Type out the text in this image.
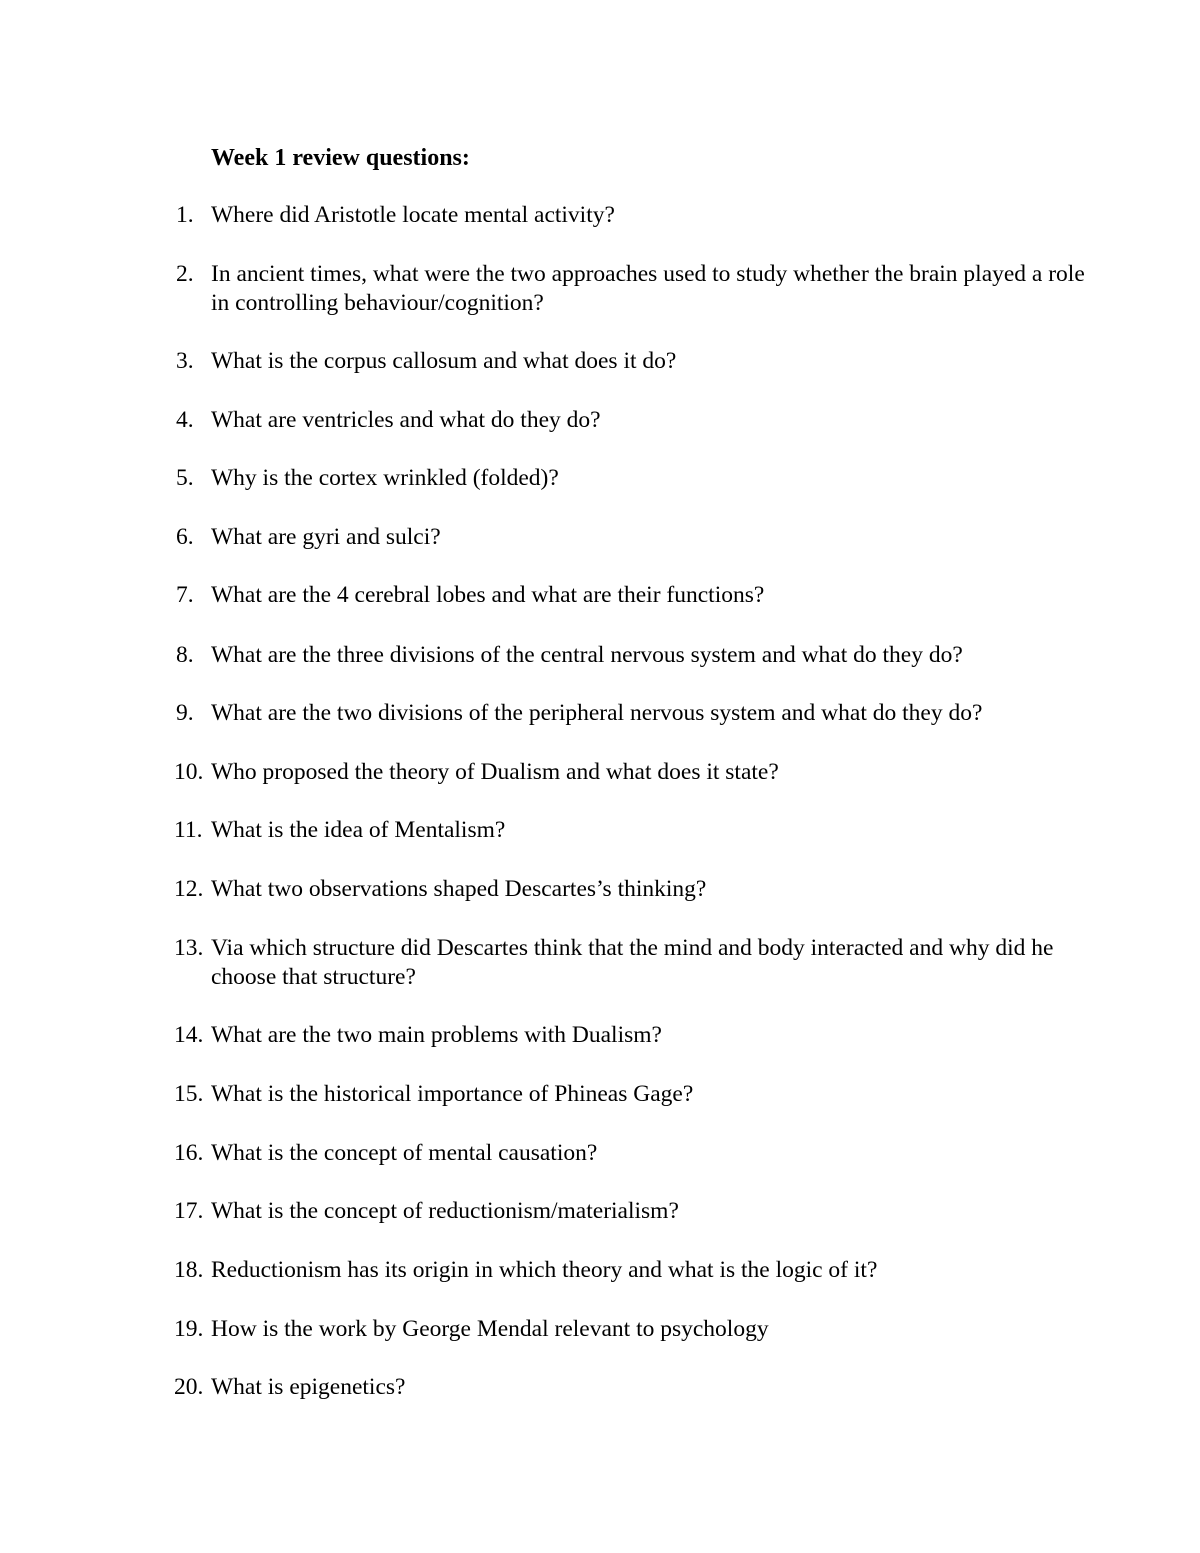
Week 1 review questions:
1. Where did Aristotle locate mental activity?
2. In ancient times, what were the two approaches used to study whether the brain played a role in controlling behaviour/cognition?
3. What is the corpus callosum and what does it do?
4. What are ventricles and what do they do?
5. Why is the cortex wrinkled (folded)?
6. What are gyri and sulci?
7. What are the 4 cerebral lobes and what are their functions?
8. What are the three divisions of the central nervous system and what do they do?
9. What are the two divisions of the peripheral nervous system and what do they do?
10. Who proposed the theory of Dualism and what does it state?
11. What is the idea of Mentalism?
12. What two observations shaped Descartes’s thinking?
13. Via which structure did Descartes think that the mind and body interacted and why did he choose that structure?
14. What are the two main problems with Dualism?
15. What is the historical importance of Phineas Gage?
16. What is the concept of mental causation?
17. What is the concept of reductionism/materialism?
18. Reductionism has its origin in which theory and what is the logic of it?
19. How is the work by George Mendal relevant to psychology
20. What is epigenetics?
